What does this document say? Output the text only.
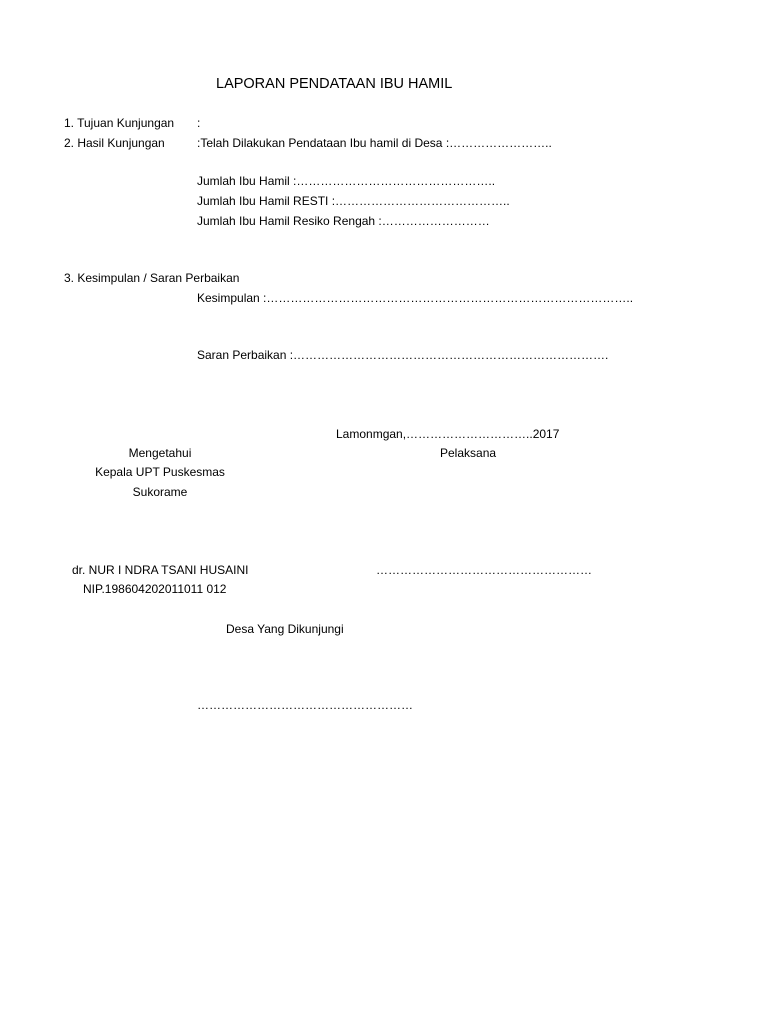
LAPORAN PENDATAAN IBU HAMIL
1. Tujuan Kunjungan :
2. Hasil Kunjungan	:Telah Dilakukan Pendataan Ibu hamil di Desa :……………………..
Jumlah Ibu Hamil :…………………………………………..
Jumlah Ibu Hamil RESTI :……………………………………..
Jumlah Ibu Hamil Resiko Rengah :………………………
3. Kesimpulan / Saran Perbaikan
Kesimpulan :………………………………………………………………………………..
Saran Perbaikan :…………………………………………………………………….
Lamonmgan,…………………………..2017
Mengetahui
Kepala UPT Puskesmas
Sukorame
Pelaksana
dr. NUR I NDRA TSANI HUSAINI
NIP.198604202011011 012
………………………………………………
Desa Yang Dikunjungi
………………………………………………
